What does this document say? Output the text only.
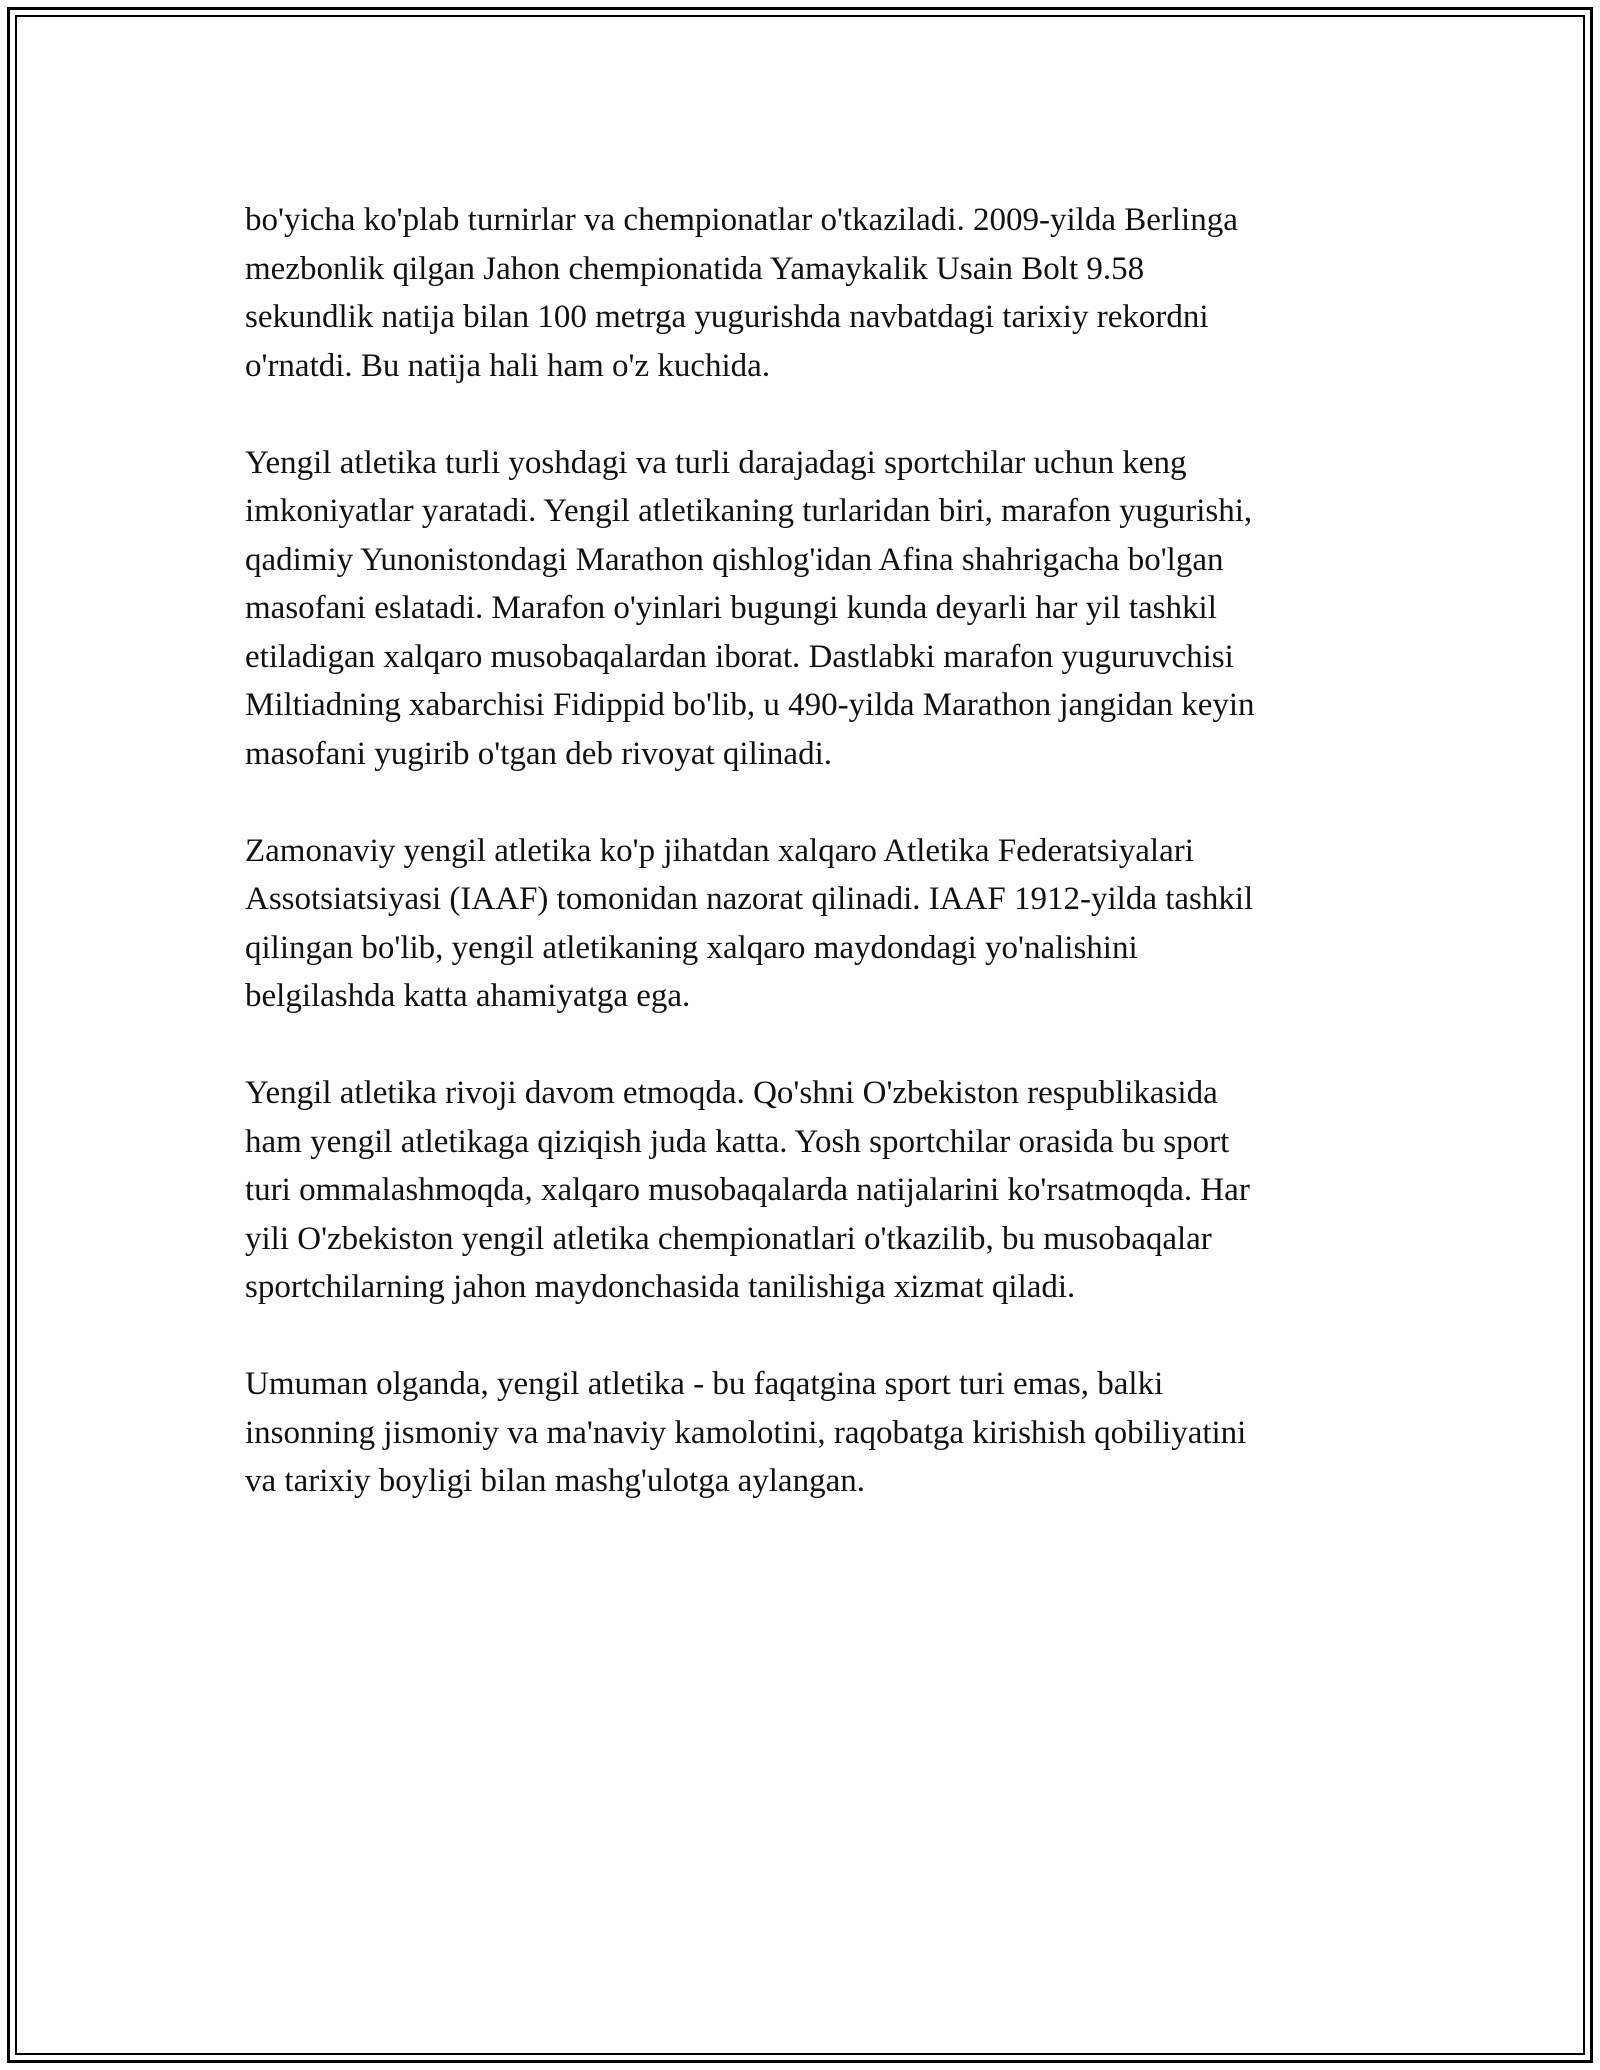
bo'yicha ko'plab turnirlar va chempionatlar o'tkaziladi. 2009-yilda Berlinga
mezbonlik qilgan Jahon chempionatida Yamaykalik Usain Bolt 9.58
sekundlik natija bilan 100 metrga yugurishda navbatdagi tarixiy rekordni
o'rnatdi. Bu natija hali ham o'z kuchida.

Yengil atletika turli yoshdagi va turli darajadagi sportchilar uchun keng
imkoniyatlar yaratadi. Yengil atletikaning turlaridan biri, marafon yugurishi,
qadimiy Yunonistondagi Marathon qishlog'idan Afina shahrigacha bo'lgan
masofani eslatadi. Marafon o'yinlari bugungi kunda deyarli har yil tashkil
etiladigan xalqaro musobaqalardan iborat. Dastlabki marafon yuguruvchisi
Miltiadning xabarchisi Fidippid bo'lib, u 490-yilda Marathon jangidan keyin
masofani yugirib o'tgan deb rivoyat qilinadi.

Zamonaviy yengil atletika ko'p jihatdan xalqaro Atletika Federatsiyalari
Assotsiatsiyasi (IAAF) tomonidan nazorat qilinadi. IAAF 1912-yilda tashkil
qilingan bo'lib, yengil atletikaning xalqaro maydondagi yo'nalishini
belgilashda katta ahamiyatga ega.

Yengil atletika rivoji davom etmoqda. Qo'shni O'zbekiston respublikasida
ham yengil atletikaga qiziqish juda katta. Yosh sportchilar orasida bu sport
turi ommalashmoqda, xalqaro musobaqalarda natijalarini ko'rsatmoqda. Har
yili O'zbekiston yengil atletika chempionatlari o'tkazilib, bu musobaqalar
sportchilarning jahon maydonchasida tanilishiga xizmat qiladi.

Umuman olganda, yengil atletika - bu faqatgina sport turi emas, balki
insonning jismoniy va ma'naviy kamolotini, raqobatga kirishish qobiliyatini
va tarixiy boyligi bilan mashg'ulotga aylangan.
